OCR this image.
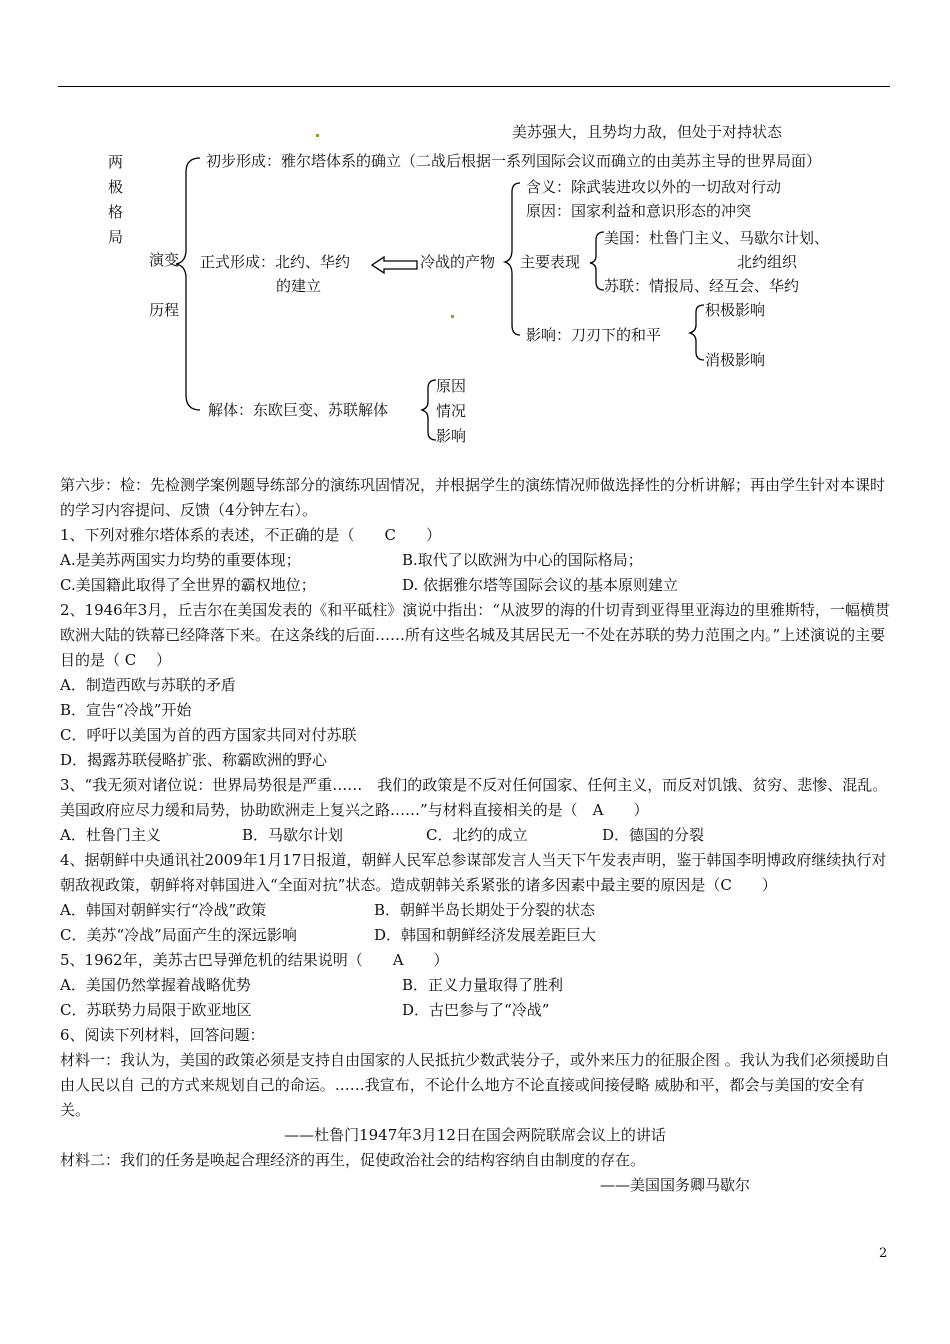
美苏强大，且势均力敌，但处于对持状态
两
极
格
局
演变
历程
初步形成：雅尔塔体系的确立（二战后根据一系列国际会议而确立的由美苏主导的世界局面）
正式形成：北约、华约
的建立
冷战的产物
含义：除武装进攻以外的一切敌对行动
原因：国家利益和意识形态的冲突
主要表现
美国：杜鲁门主义、马歇尔计划、
北约组织
苏联：情报局、经互会、华约
影响：刀刃下的和平
积极影响
消极影响
解体：东欧巨变、苏联解体
原因
情况
影响

第六步：检：先检测学案例题导练部分的演练巩固情况，并根据学生的演练情况师做选择性的分析讲解；再由学生针对本课时的学习内容提问、反馈（4分钟左右）。

1、下列对雅尔塔体系的表述，不正确的是（　　C　　）

A.是美苏两国实力均势的重要体现；	B.取代了以欧洲为中心的国际格局；
C.美国籍此取得了全世界的霸权地位；	D. 依据雅尔塔等国际会议的基本原则建立

2、1946年3月，丘吉尔在美国发表的《和平砥柱》演说中指出：“从波罗的海的什切青到亚得里亚海边的里雅斯特，一幅横贯欧洲大陆的铁幕已经降落下来。在这条线的后面……所有这些名城及其居民无一不处在苏联的势力范围之内。”上述演说的主要目的是（ C　 ）

A．制造西欧与苏联的矛盾

B．宣告“冷战”开始

C．呼吁以美国为首的西方国家共同对付苏联

D．揭露苏联侵略扩张、称霸欧洲的野心

3、“我无须对诸位说：世界局势很是严重……　我们的政策是不反对任何国家、任何主义，而反对饥饿、贫穷、悲惨、混乱。美国政府应尽力缓和局势，协助欧洲走上复兴之路……”与材料直接相关的是（　A　　）

A．杜鲁门主义	B．马歇尔计划	C．北约的成立	D．德国的分裂

4、据朝鲜中央通讯社2009年1月17日报道，朝鲜人民军总参谋部发言人当天下午发表声明，鉴于韩国李明博政府继续执行对朝敌视政策，朝鲜将对韩国进入“全面对抗”状态。造成朝韩关系紧张的诸多因素中最主要的原因是（C　　）

A．韩国对朝鲜实行“冷战”政策	B．朝鲜半岛长期处于分裂的状态
C．美苏“冷战”局面产生的深远影响	D．韩国和朝鲜经济发展差距巨大

5、1962年，美苏古巴导弹危机的结果说明（　　A　　）

A．美国仍然掌握着战略优势	B．正义力量取得了胜利
C．苏联势力局限于欧亚地区	D．古巴参与了“冷战”

6、阅读下列材料，回答问题：

材料一：我认为，美国的政策必须是支持自由国家的人民抵抗少数武装分子，或外来压力的征服企图 。我认为我们必须援助自由人民以自 己的方式来规划自己的命运。……我宣布，不论什么地方不论直接或间接侵略 威胁和平，都会与美国的安全有关。

——杜鲁门1947年3月12日在国会两院联席会议上的讲话

材料二：我们的任务是唤起合理经济的再生，促使政治社会的结构容纳自由制度的存在。

——美国国务卿马歇尔

2
